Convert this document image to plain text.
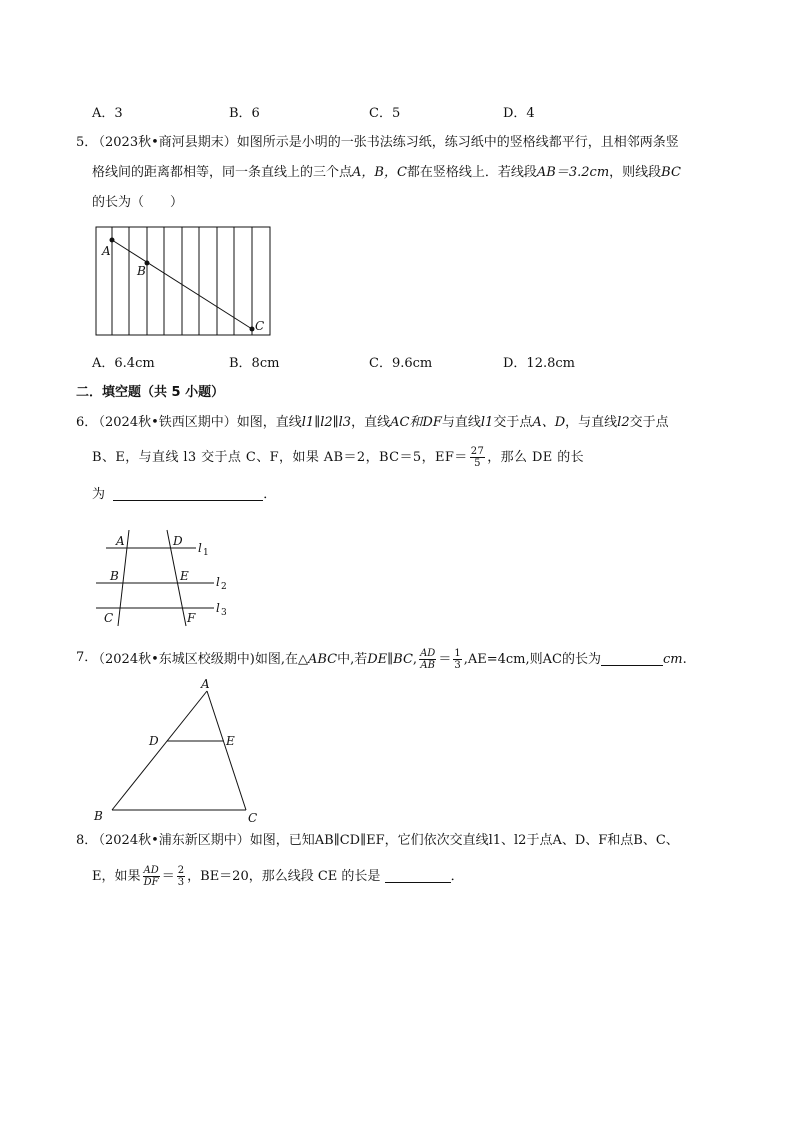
A．3	B．6	C．5	D．4
5．
（2023秋•商河县期末）如图所示是小明的一张书法练习纸，练习纸中的竖格线都平行，且相邻两条竖
格线间的距离都相等，同一条直线上的三个点A，B，C都在竖格线上．若线段AB＝3.2cm，则线段BC
的长为（　　）
A
B
C
A．6.4cm	B．8cm	C．9.6cm	D．12.8cm
二．填空题（共 5 小题）
6．
（2024秋•铁西区期中）如图，直线l1∥l2∥l3，直线AC和DF与直线l1交于点A、D，与直线l2交于点
B、E，与直线 l3 交于点 C、F，如果 AB＝2，BC＝5，$EF= \frac{27}{5}$ ，那么 DE 的长
为	．
A	D
B	E
C	F
l 1
l 2
l 3
7．
（2024秋•东城区校级期中)如图,在△ABC中,若DE∥BC, $\frac{AD}{AB} = \frac{1}{3} ,AE=4cm$,则AC的长为	cm.
A
D	E
B	C
8．
（2024秋•浦东新区期中）如图，已知AB∥CD∥EF，它们依次交直线l1、l2于点A、D、F和点B、C、
E，如果 $\frac{AD}{DF} = \frac{2}{3}$ ，BE＝20，那么线段 CE 的长是	．
